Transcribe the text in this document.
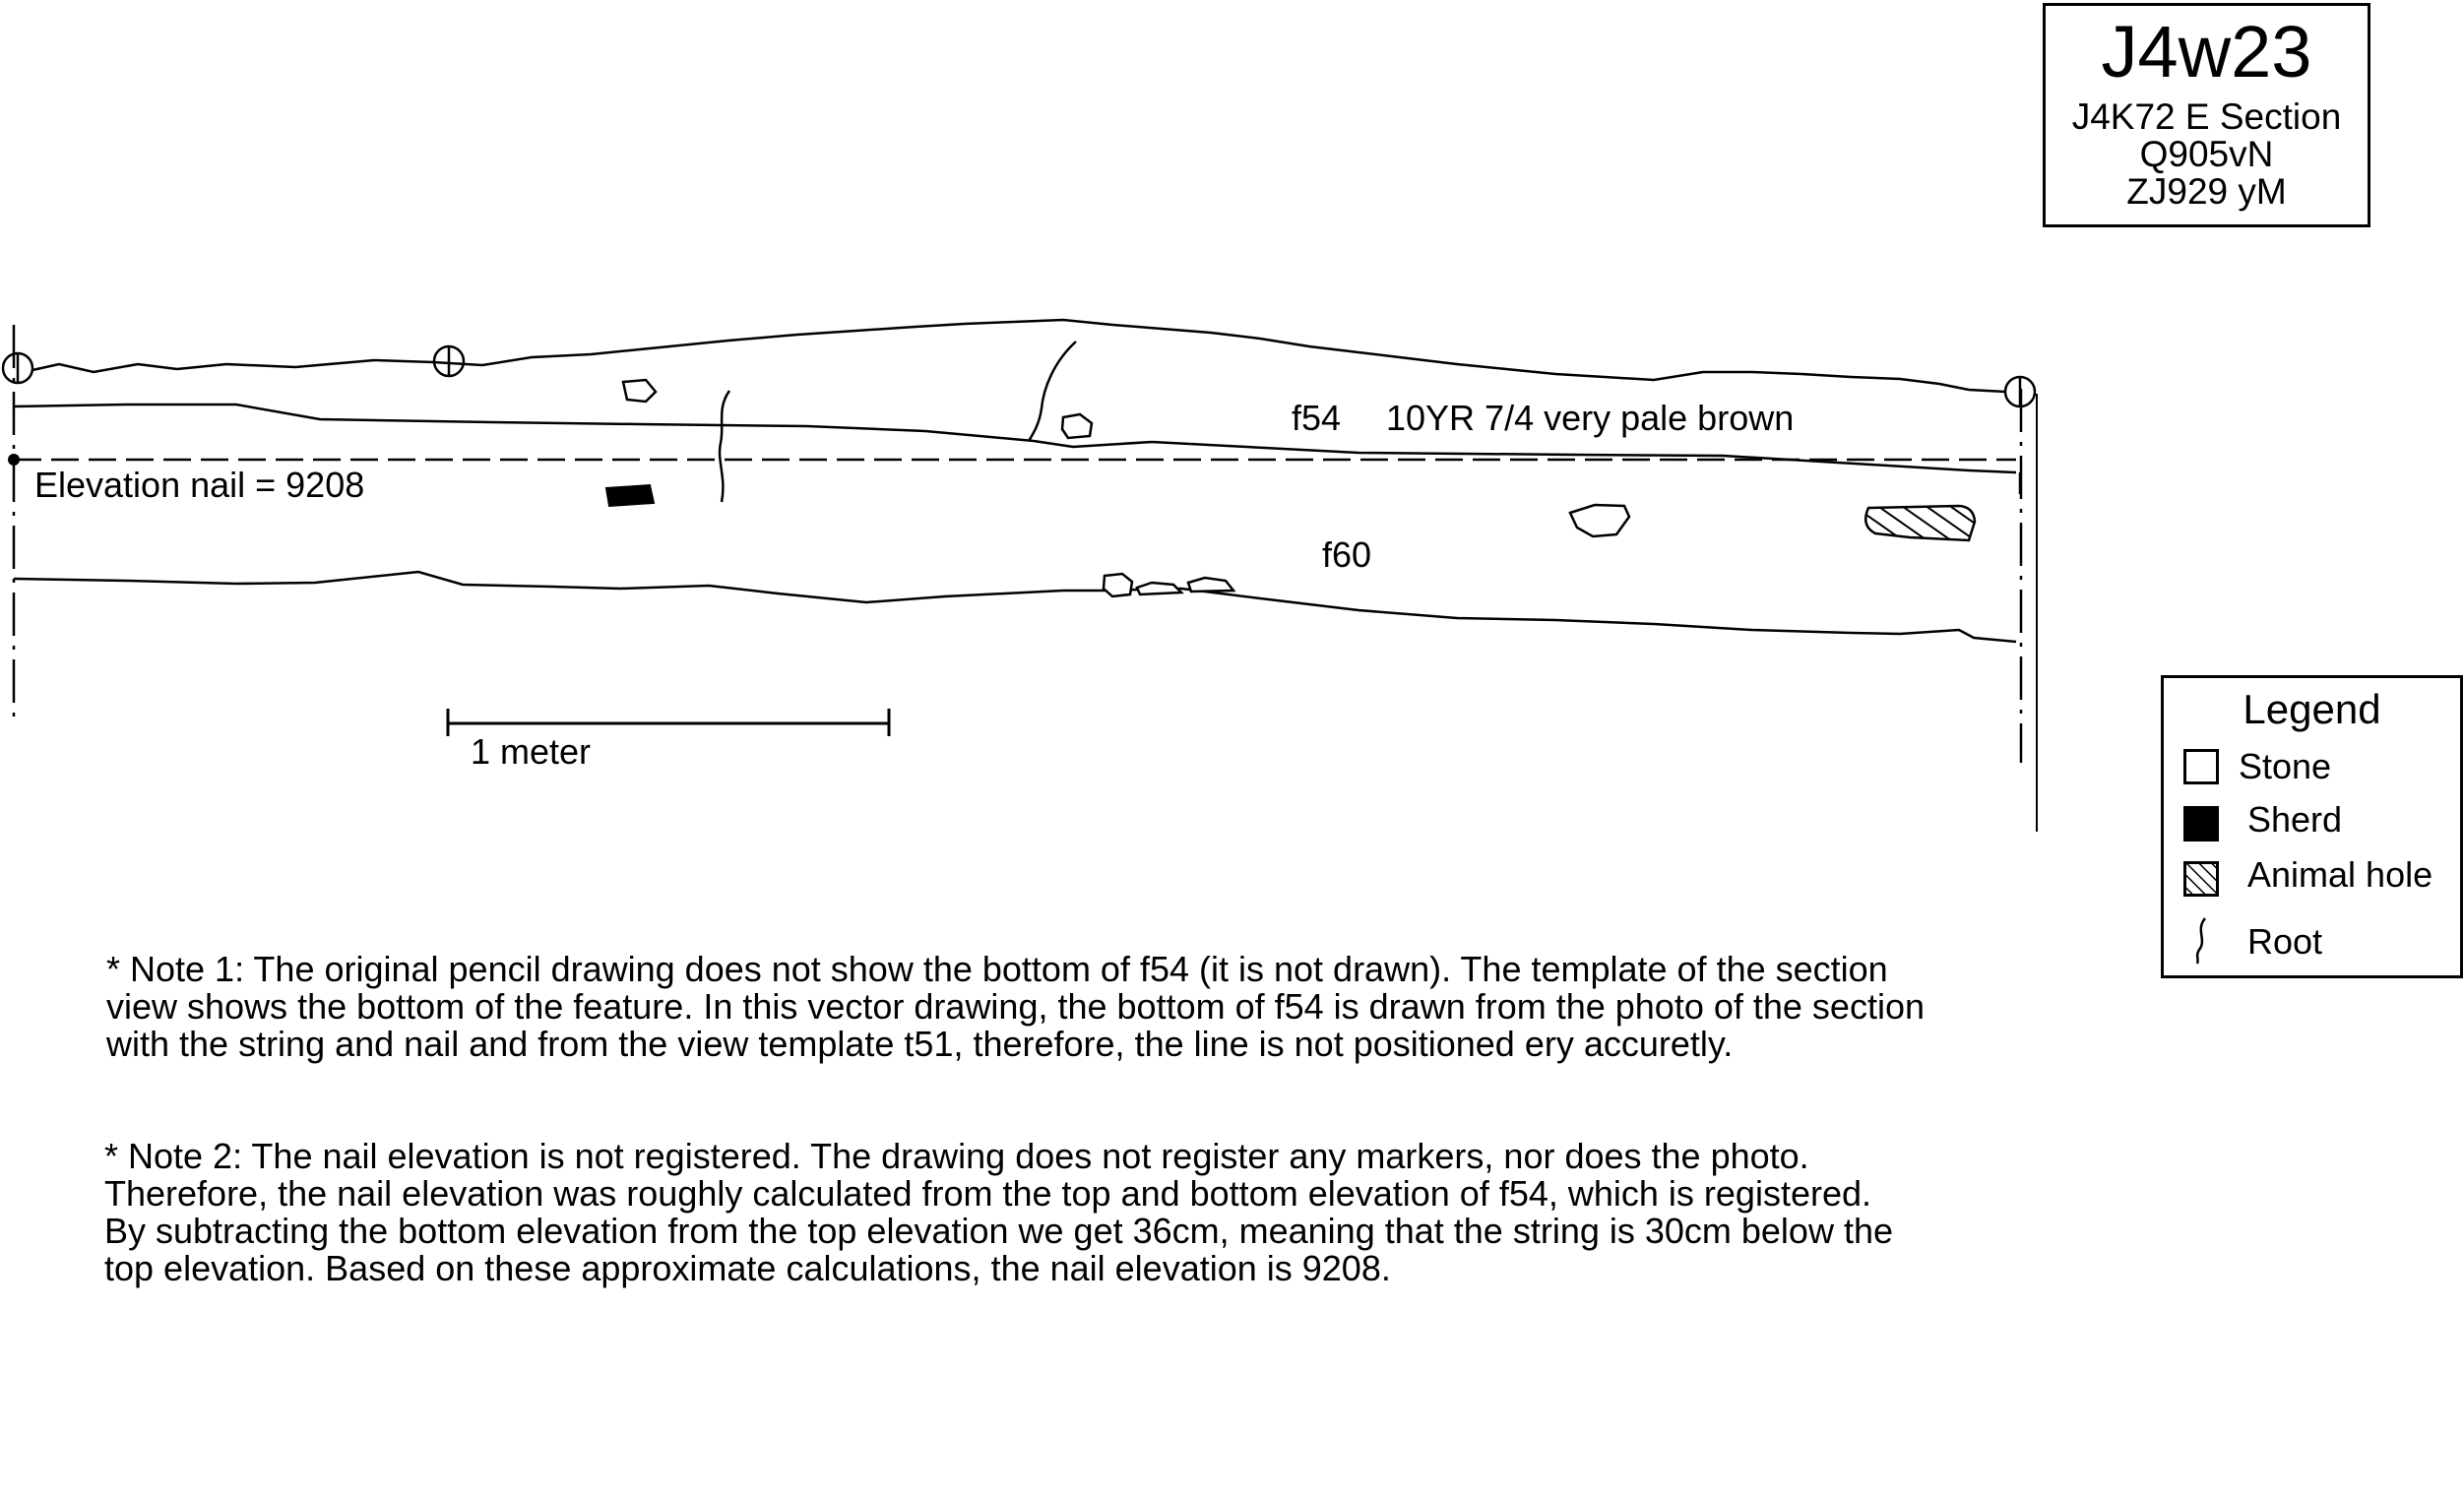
Elevation nail = 9208
f54 10YR 7/4 very pale brown
f60
1 meter
J4w23
J4K72 E Section
Q905vN
ZJ929 yM
Legend
Stone
Sherd
Animal hole
Root
* Note 1: The original pencil drawing does not show the bottom of f54 (it is not drawn). The template of the section
view shows the bottom of the feature. In this vector drawing, the bottom of f54 is drawn from the photo of the section
with the string and nail and from the view template t51, therefore, the line is not positioned ery accuretly.
* Note 2: The nail elevation is not registered. The drawing does not register any markers, nor does the photo.
Therefore, the nail elevation was roughly calculated from the top and bottom elevation of f54, which is registered.
By subtracting the bottom elevation from the top elevation we get 36cm, meaning that the string is 30cm below the
top elevation. Based on these approximate calculations, the nail elevation is 9208.
